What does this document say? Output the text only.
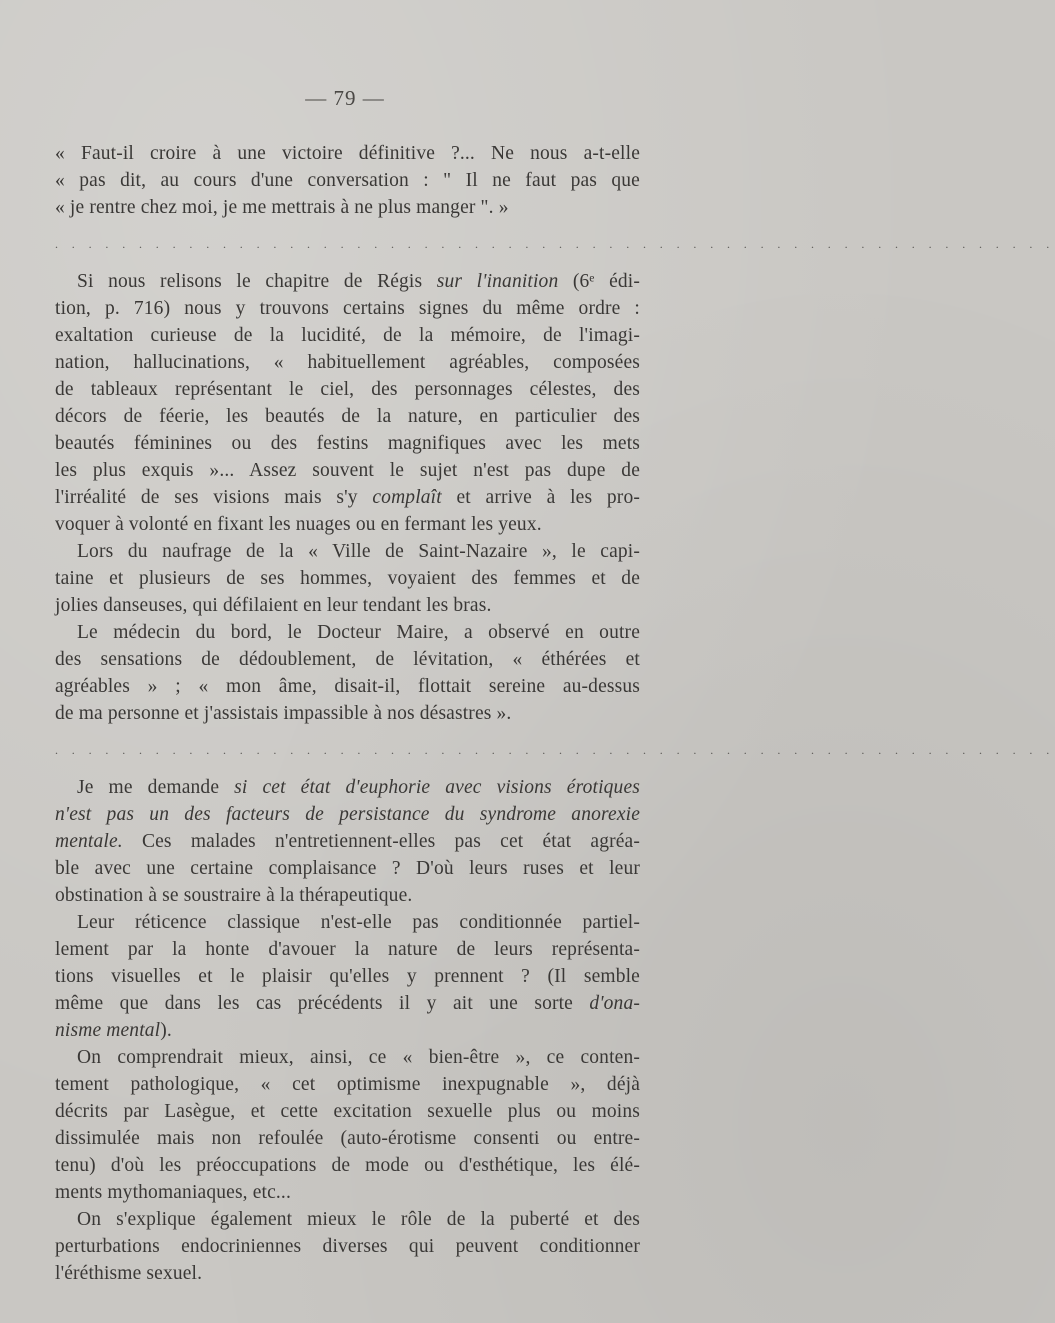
— 79 —
« Faut-il croire à une victoire définitive ?... Ne nous a-t-elle
« pas dit, au cours d'une conversation : " Il ne faut pas que
« je rentre chez moi, je me mettrais à ne plus manger ". »
. . . . . . . . . . . . . . . . . . . . . . . . . . . . . . . . . . . . . . . . . . . . . . . . . . . . . . . . . . . .

Si nous relisons le chapitre de Régis sur l'inanition (6ᵉ édi-
tion, p. 716) nous y trouvons certains signes du même ordre :
exaltation curieuse de la lucidité, de la mémoire, de l'imagi-
nation, hallucinations, « habituellement agréables, composées
de tableaux représentant le ciel, des personnages célestes, des
décors de féerie, les beautés de la nature, en particulier des
beautés féminines ou des festins magnifiques avec les mets
les plus exquis »... Assez souvent le sujet n'est pas dupe de
l'irréalité de ses visions mais s'y complaît et arrive à les pro-
voquer à volonté en fixant les nuages ou en fermant les yeux.

Lors du naufrage de la « Ville de Saint-Nazaire », le capi-
taine et plusieurs de ses hommes, voyaient des femmes et de
jolies danseuses, qui défilaient en leur tendant les bras.

Le médecin du bord, le Docteur Maire, a observé en outre
des sensations de dédoublement, de lévitation, « éthérées et
agréables » ; « mon âme, disait-il, flottait sereine au-dessus
de ma personne et j'assistais impassible à nos désastres ».

. . . . . . . . . . . . . . . . . . . . . . . . . . . . . . . . . . . . . . . . . . . . . . . . . . . . . . . . . . . .

Je me demande si cet état d'euphorie avec visions érotiques
n'est pas un des facteurs de persistance du syndrome anorexie
mentale. Ces malades n'entretiennent-elles pas cet état agréa-
ble avec une certaine complaisance ? D'où leurs ruses et leur
obstination à se soustraire à la thérapeutique.

Leur réticence classique n'est-elle pas conditionnée partiel-
lement par la honte d'avouer la nature de leurs représenta-
tions visuelles et le plaisir qu'elles y prennent ? (Il semble
même que dans les cas précédents il y ait une sorte d'ona-
nisme mental).

On comprendrait mieux, ainsi, ce « bien-être », ce conten-
tement pathologique, « cet optimisme inexpugnable », déjà
décrits par Lasègue, et cette excitation sexuelle plus ou moins
dissimulée mais non refoulée (auto-érotisme consenti ou entre-
tenu) d'où les préoccupations de mode ou d'esthétique, les élé-
ments mythomaniaques, etc...

On s'explique également mieux le rôle de la puberté et des
perturbations endocriniennes diverses qui peuvent conditionner
l'éréthisme sexuel.
